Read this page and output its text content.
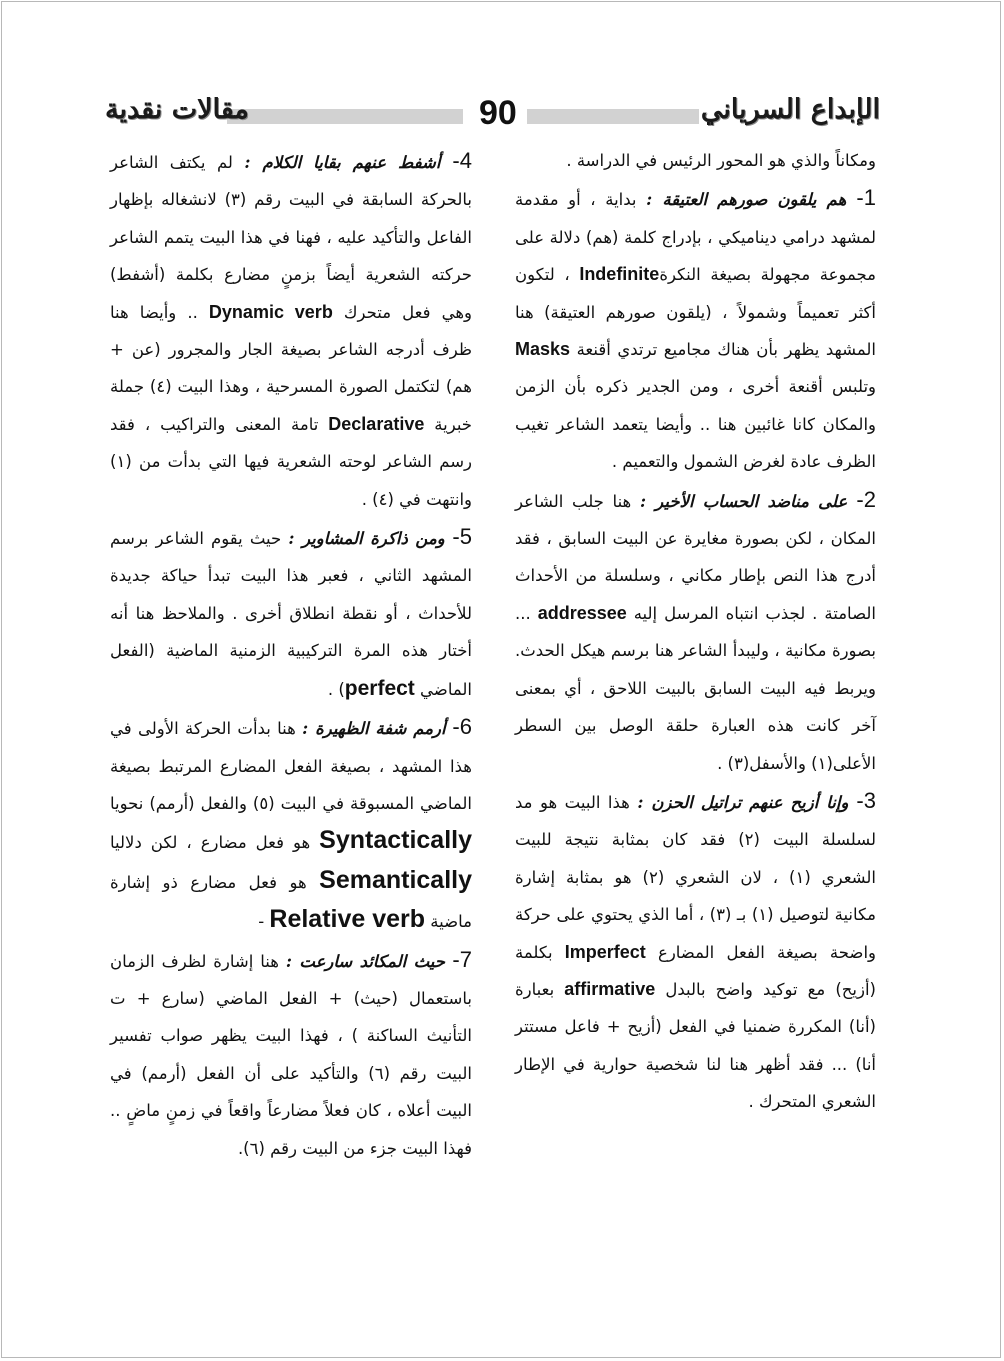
الإبداع السرياني
90
مقالات نقدية

ومكاناً والذي هو المحور الرئيس في الدراسة .

1- هم يلقون صورهم العتيقة : بداية ، أو مقدمة لمشهد درامي ديناميكي ، بإدراج كلمة (هم) دلالة على مجموعة مجهولة بصيغة النكرةIndefinite ، لتكون أكثر تعميماً وشمولاً ، (يلقون صورهم العتيقة) هنا المشهد يظهر بأن هناك مجاميع ترتدي أقنعة Masks وتلبس أقنعة أخرى ، ومن الجدير ذكره بأن الزمن والمكان كانا غائبين هنا .. وأيضا يتعمد الشاعر تغيب الظرف عادة لغرض الشمول والتعميم .

2- على مناضد الحساب الأخير : هنا جلب الشاعر المكان ، لكن بصورة مغايرة عن البيت السابق ، فقد أدرج هذا النص بإطار مكاني ، وسلسلة من الأحداث الصامتة . لجذب انتباه المرسل إليه addressee ... بصورة مكانية ، وليبدأ الشاعر هنا برسم هيكل الحدث. ويربط فيه البيت السابق بالبيت اللاحق ، أي بمعنى آخر كانت هذه العبارة حلقة الوصل بين السطر الأعلى(١) والأسفل(٣) .

3- وإنا أزيح عنهم تراتيل الحزن : هذا البيت هو مد لسلسلة البيت (٢) فقد كان بمثابة نتيجة للبيت الشعري (١) ، لان الشعري (٢) هو بمثابة إشارة مكانية لتوصيل (١) بـ (٣) ، أما الذي يحتوي على حركة واضحة بصيغة الفعل المضارع Imperfect بكلمة (أزيح) مع توكيد واضح بالبدل affirmative بعبارة (أنا) المكررة ضمنيا في الفعل (أزيح + فاعل مستتر أنا) ... فقد أظهر هنا لنا شخصية حوارية في الإطار الشعري المتحرك .

4- أشفط عنهم بقايا الكلام : لم يكتف الشاعر بالحركة السابقة في البيت رقم (٣) لانشغاله بإظهار الفاعل والتأكيد عليه ، فهنا في هذا البيت يتمم الشاعر حركته الشعرية أيضاً بزمنٍ مضارع بكلمة (أشفط) وهي فعل متحرك Dynamic verb .. وأيضا هنا ظرف أدرجه الشاعر بصيغة الجار والمجرور (عن + هم) لتكتمل الصورة المسرحية ، وهذا البيت (٤) جملة خبرية Declarative تامة المعنى والتراكيب ، فقد رسم الشاعر لوحته الشعرية فيها التي بدأت من (١) وانتهت في (٤) .

5- ومن ذاكرة المشاوير : حيث يقوم الشاعر برسم المشهد الثاني ، فعبر هذا البيت تبدأ حياكة جديدة للأحداث ، أو نقطة انطلاق أخرى . والملاحظ هنا أنه أختار هذه المرة التركيبية الزمنية الماضية (الفعل الماضي perfect) .

6- أرمم شفة الظهيرة : هنا بدأت الحركة الأولى في هذا المشهد ، بصيغة الفعل المضارع المرتبط بصيغة الماضي المسبوقة في البيت (٥) والفعل (أرمم) نحويا Syntactically هو فعل مضارع ، لكن دلاليا Semantically هو فعل مضارع ذو إشارة ماضية Relative verb -

7- حيث المكائد سارعت : هنا إشارة لظرف الزمان باستعمال (حيث) + الفعل الماضي (سارع + ت التأنيث الساكنة ) ، فهذا البيت يظهر صواب تفسير البيت رقم (٦) والتأكيد على أن الفعل (أرمم) في البيت أعلاه ، كان فعلاً مضارعاً واقعاً في زمنٍ ماضٍ .. فهذا البيت جزء من البيت رقم (٦).
